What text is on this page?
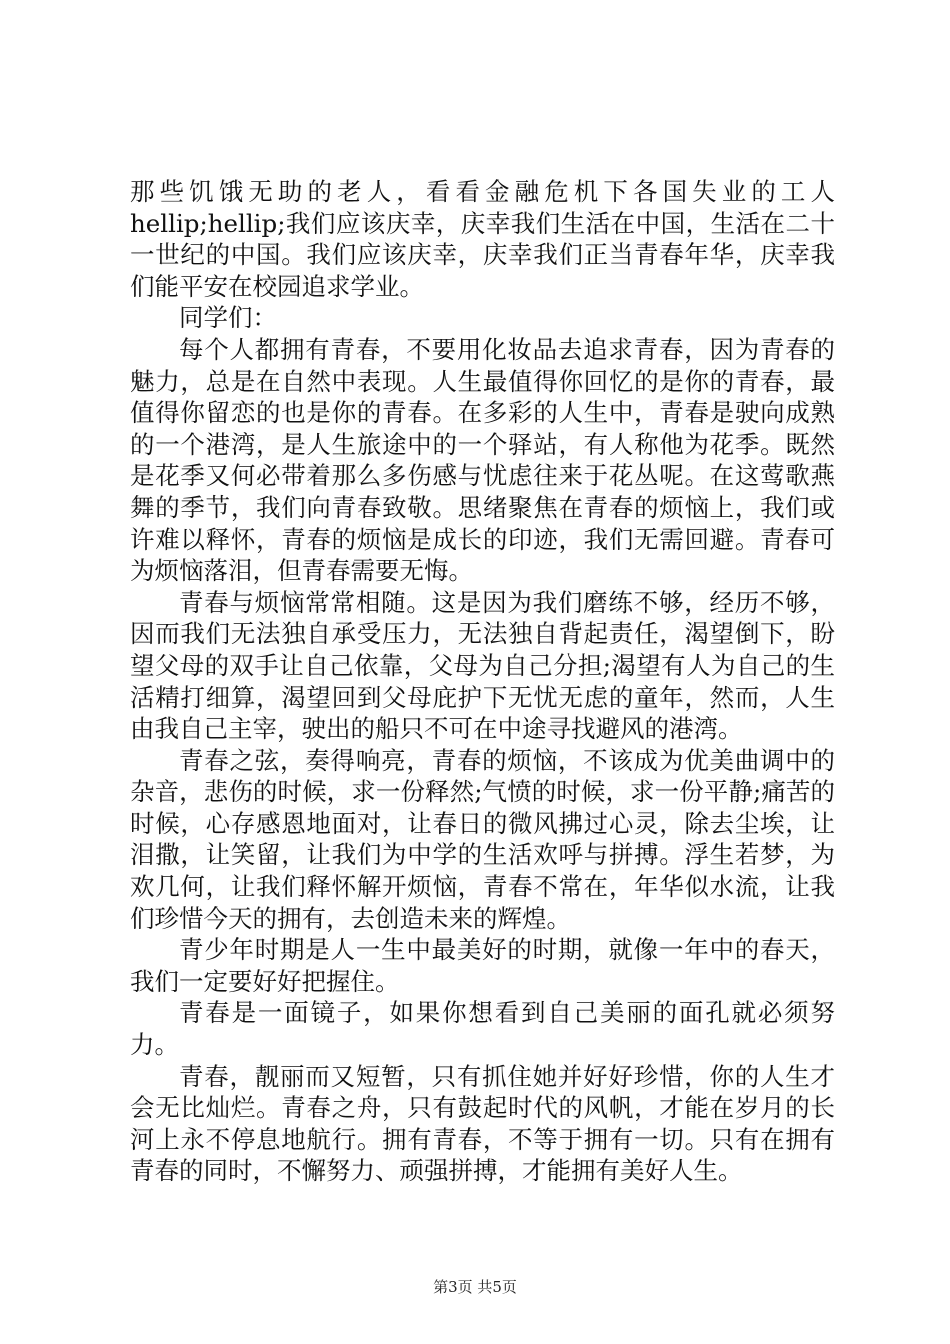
那些饥饿无助的老人，看看金融危机下各国失业的工人hellip;hellip;我们应该庆幸，庆幸我们生活在中国，生活在二十一世纪的中国。我们应该庆幸，庆幸我们正当青春年华，庆幸我们能平安在校园追求学业。

同学们：

每个人都拥有青春，不要用化妆品去追求青春，因为青春的魅力，总是在自然中表现。人生最值得你回忆的是你的青春，最值得你留恋的也是你的青春。在多彩的人生中，青春是驶向成熟的一个港湾，是人生旅途中的一个驿站，有人称他为花季。既然是花季又何必带着那么多伤感与忧虑往来于花丛呢。在这莺歌燕舞的季节，我们向青春致敬。思绪聚焦在青春的烦恼上，我们或许难以释怀，青春的烦恼是成长的印迹，我们无需回避。青春可为烦恼落泪，但青春需要无悔。

青春与烦恼常常相随。这是因为我们磨练不够，经历不够，因而我们无法独自承受压力，无法独自背起责任，渴望倒下，盼望父母的双手让自己依靠，父母为自己分担;渴望有人为自己的生活精打细算，渴望回到父母庇护下无忧无虑的童年，然而，人生由我自己主宰，驶出的船只不可在中途寻找避风的港湾。

青春之弦，奏得响亮，青春的烦恼，不该成为优美曲调中的杂音，悲伤的时候，求一份释然;气愤的时候，求一份平静;痛苦的时候，心存感恩地面对，让春日的微风拂过心灵，除去尘埃，让泪撒，让笑留，让我们为中学的生活欢呼与拼搏。浮生若梦，为欢几何，让我们释怀解开烦恼，青春不常在，年华似水流，让我们珍惜今天的拥有，去创造未来的辉煌。

青少年时期是人一生中最美好的时期，就像一年中的春天，我们一定要好好把握住。

青春是一面镜子，如果你想看到自己美丽的面孔就必须努力。

青春，靓丽而又短暂，只有抓住她并好好珍惜，你的人生才会无比灿烂。青春之舟，只有鼓起时代的风帆，才能在岁月的长河上永不停息地航行。拥有青春，不等于拥有一切。只有在拥有青春的同时，不懈努力、顽强拼搏，才能拥有美好人生。

第3页 共5页
